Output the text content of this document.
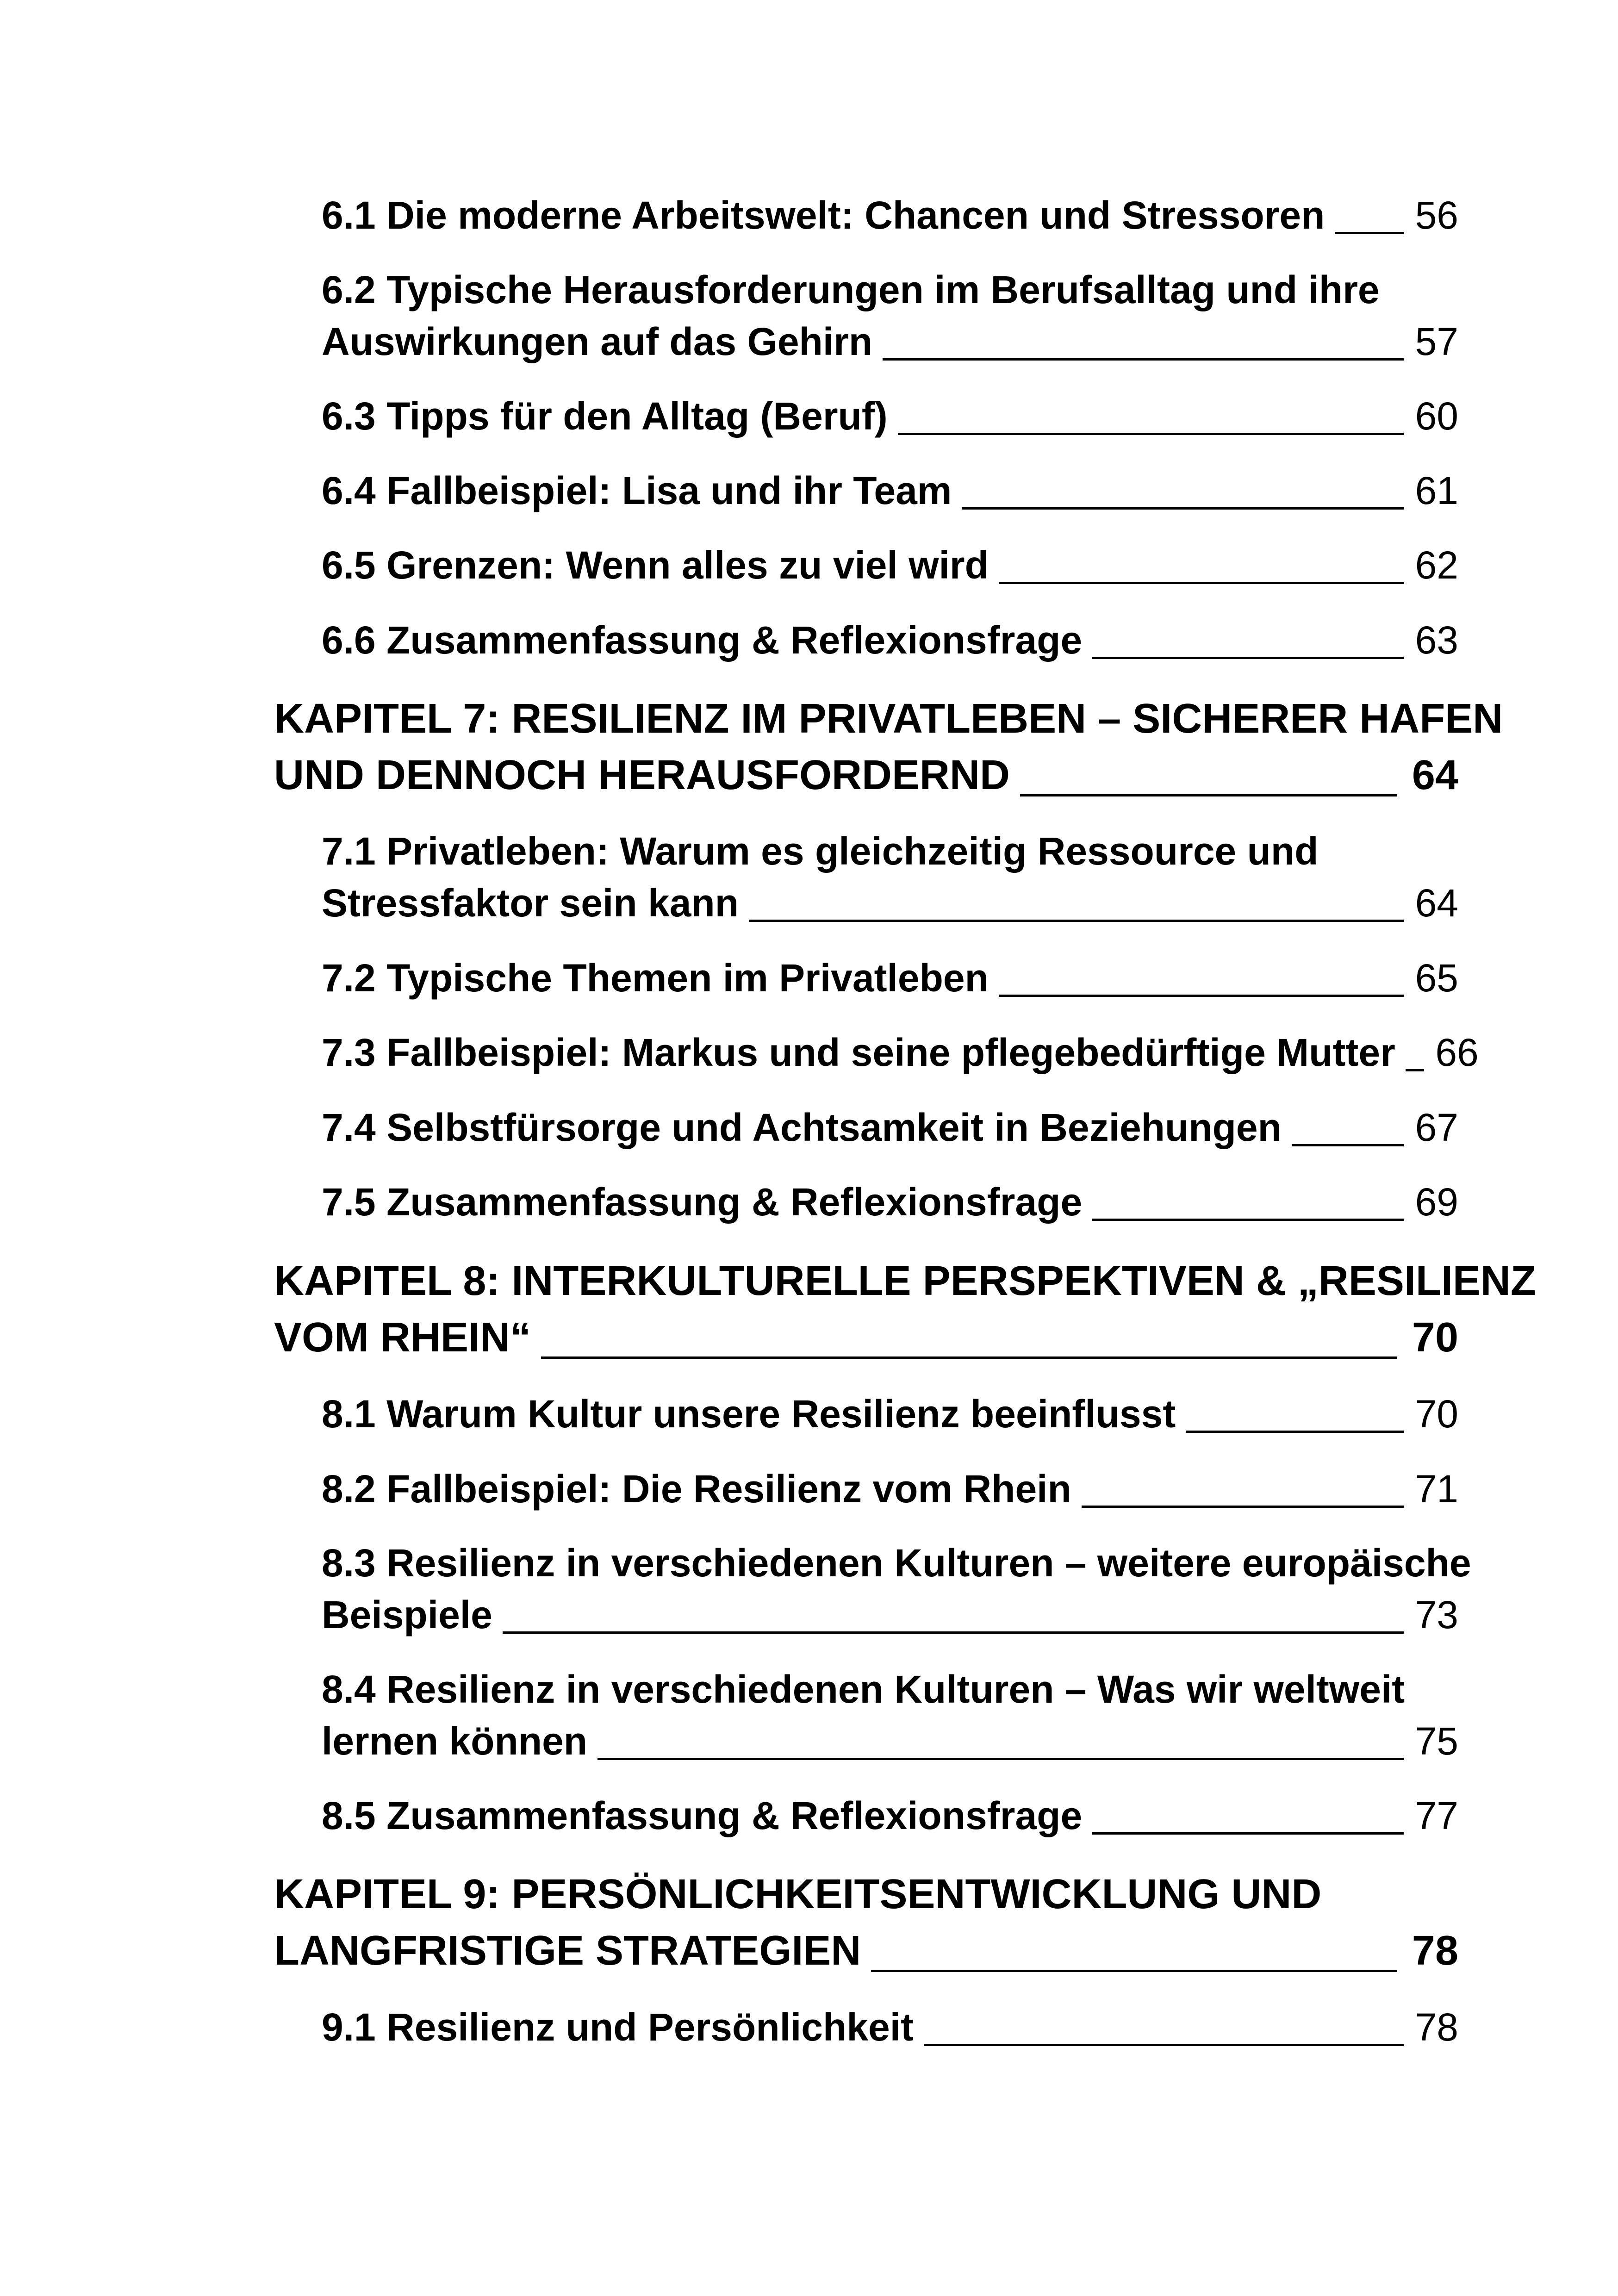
6.1 Die moderne Arbeitswelt: Chancen und Stressoren 56
6.2 Typische Herausforderungen im Berufsalltag und ihre
Auswirkungen auf das Gehirn	57
6.3 Tipps für den Alltag (Beruf)	60
6.4 Fallbeispiel: Lisa und ihr Team	61
6.5 Grenzen: Wenn alles zu viel wird	62
6.6 Zusammenfassung & Reflexionsfrage	63
KAPITEL 7: RESILIENZ IM PRIVATLEBEN – SICHERER HAFEN
UND DENNOCH HERAUSFORDERND	64
7.1 Privatleben: Warum es gleichzeitig Ressource und
Stressfaktor sein kann	64
7.2 Typische Themen im Privatleben	65
7.3 Fallbeispiel: Markus und seine pflegebedürftige Mutter 66
7.4 Selbstfürsorge und Achtsamkeit in Beziehungen	67
7.5 Zusammenfassung & Reflexionsfrage	69
KAPITEL 8: INTERKULTURELLE PERSPEKTIVEN & „RESILIENZ
VOM RHEIN“	70
8.1 Warum Kultur unsere Resilienz beeinflusst	70
8.2 Fallbeispiel: Die Resilienz vom Rhein	71
8.3 Resilienz in verschiedenen Kulturen – weitere europäische
Beispiele	73
8.4 Resilienz in verschiedenen Kulturen – Was wir weltweit
lernen können	75
8.5 Zusammenfassung & Reflexionsfrage	77
KAPITEL 9: PERSÖNLICHKEITSENTWICKLUNG UND
LANGFRISTIGE STRATEGIEN	78
9.1 Resilienz und Persönlichkeit	78
